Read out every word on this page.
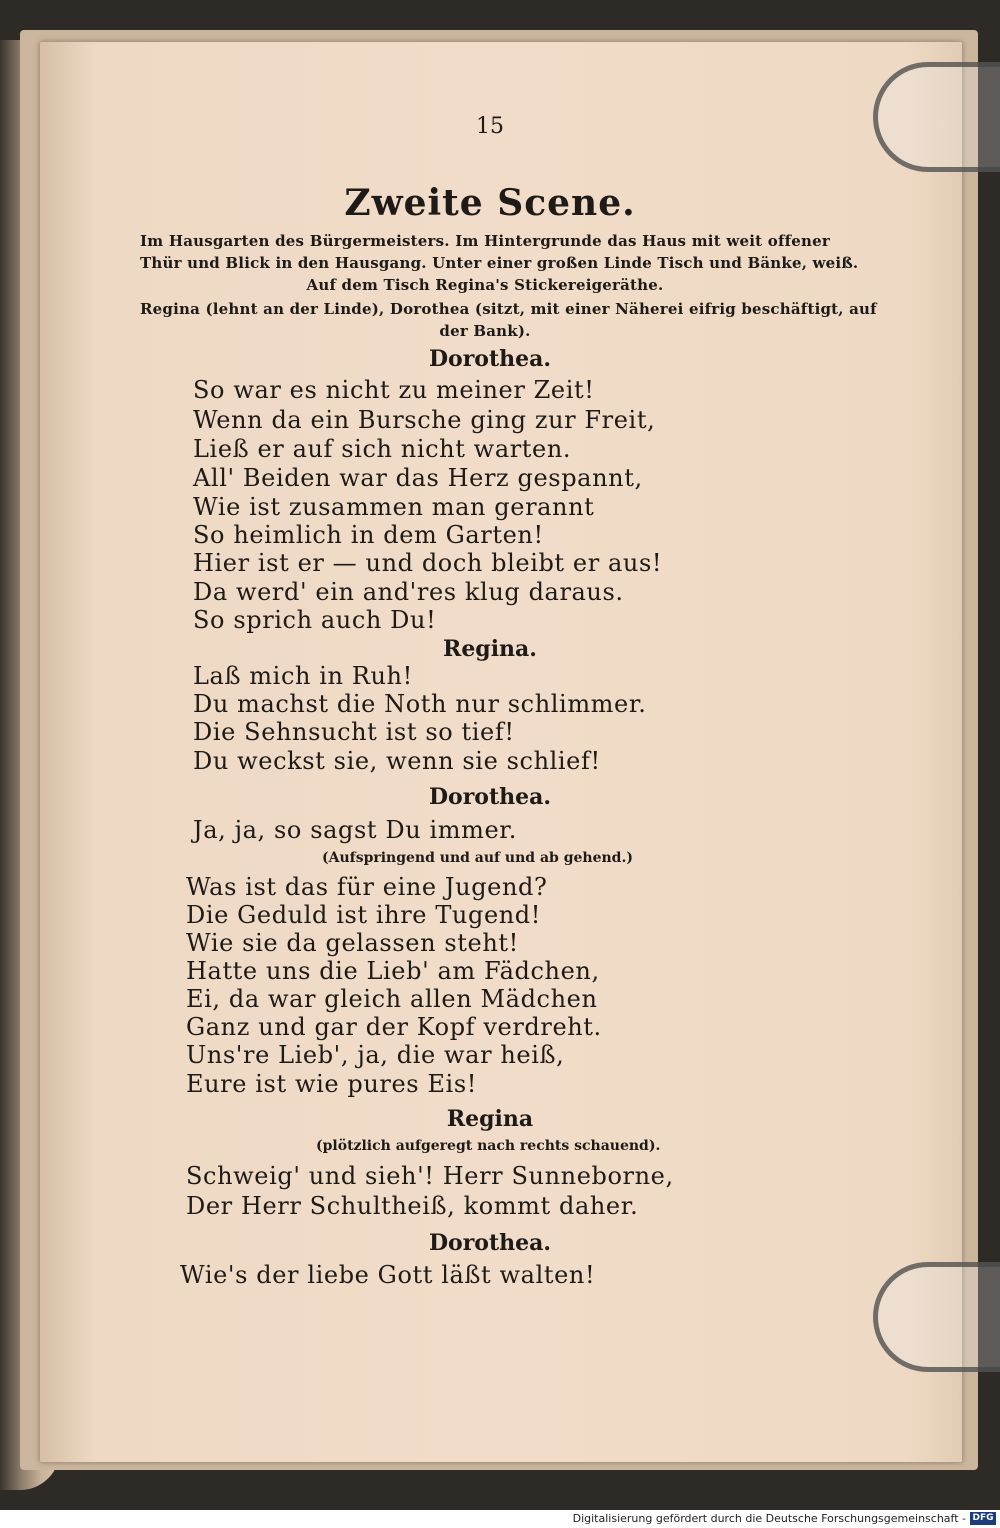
15
Zweite Scene.
Im Hausgarten des Bürgermeisters. Im Hintergrunde das Haus mit weit offener
Thür und Blick in den Hausgang. Unter einer großen Linde Tisch und Bänke, weiß.
Auf dem Tisch Regina's Stickereigeräthe.
Regina (lehnt an der Linde), Dorothea (sitzt, mit einer Näherei eifrig beschäftigt, auf
der Bank).
Dorothea.
So war es nicht zu meiner Zeit!
Wenn da ein Bursche ging zur Freit,
Ließ er auf sich nicht warten.
All' Beiden war das Herz gespannt,
Wie ist zusammen man gerannt
So heimlich in dem Garten!
Hier ist er — und doch bleibt er aus!
Da werd' ein and'res klug daraus.
So sprich auch Du!
Regina.
Laß mich in Ruh!
Du machst die Noth nur schlimmer.
Die Sehnsucht ist so tief!
Du weckst sie, wenn sie schlief!
Dorothea.
Ja, ja, so sagst Du immer.
(Aufspringend und auf und ab gehend.)
Was ist das für eine Jugend?
Die Geduld ist ihre Tugend!
Wie sie da gelassen steht!
Hatte uns die Lieb' am Fädchen,
Ei, da war gleich allen Mädchen
Ganz und gar der Kopf verdreht.
Uns're Lieb', ja, die war heiß,
Eure ist wie pures Eis!
Regina
(plötzlich aufgeregt nach rechts schauend).
Schweig' und sieh'! Herr Sunneborne,
Der Herr Schultheiß, kommt daher.
Dorothea.
Wie's der liebe Gott läßt walten!
Digitalisierung gefördert durch die Deutsche Forschungsgemeinschaft - DFG
